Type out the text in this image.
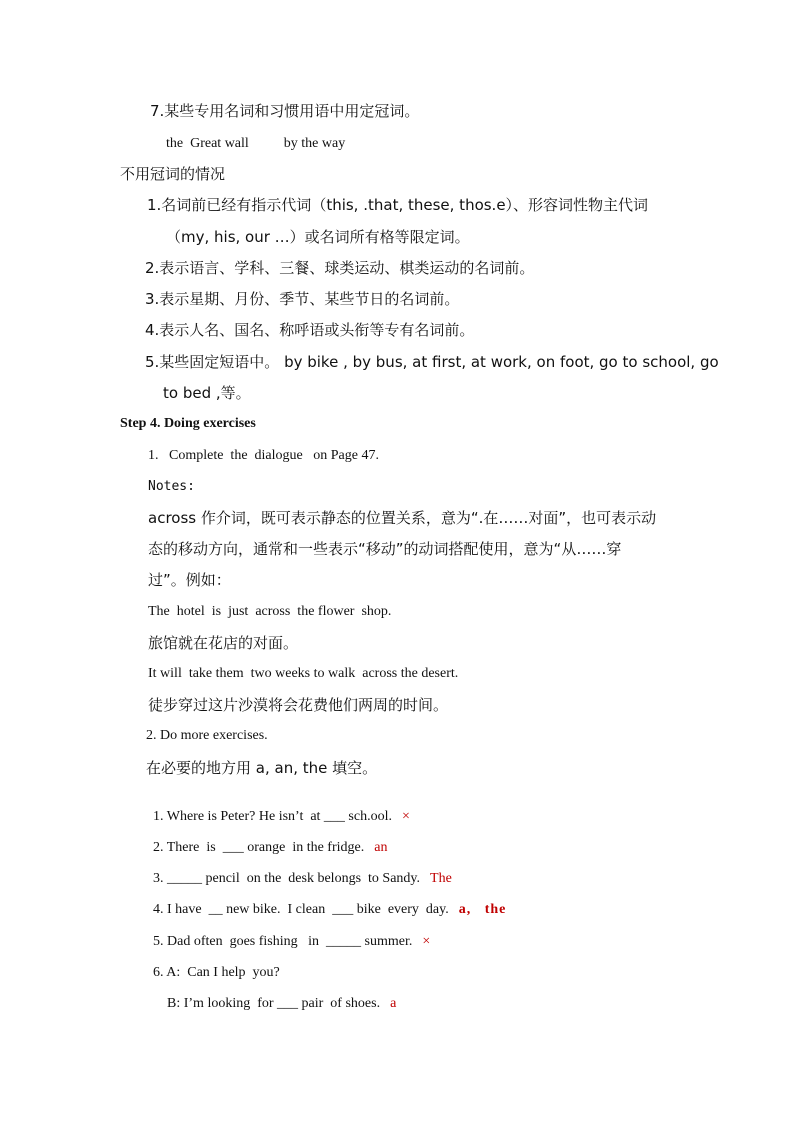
7.某些专用名词和习惯用语中用定冠词。
the  Great wall          by the way
不用冠词的情况
1.名词前已经有指示代词（this, .that, these, thos.e）、形容词性物主代词
（my, his, our …）或名词所有格等限定词。
2.表示语言、学科、三餐、球类运动、棋类运动的名词前。
3.表示星期、月份、季节、某些节日的名词前。
4.表示人名、国名、称呼语或头衔等专有名词前。
5.某些固定短语中。 by bike , by bus, at first, at work, on foot, go to school, go
to bed ,等。
Step 4. Doing exercises
1.   Complete  the  dialogue   on Page 47.
Notes:
across 作介词，既可表示静态的位置关系，意为“.在……对面”，也可表示动
态的移动方向，通常和一些表示“移动”的动词搭配使用，意为“从……穿
过”。例如：
The  hotel  is  just  across  the flower  shop.
旅馆就在花店的对面。
It will  take them  two weeks to walk  across the desert.
徒步穿过这片沙漠将会花费他们两周的时间。
2. Do more exercises.
在必要的地方用 a, an, the 填空。

1. Where is Peter? He isn’t  at ___ sch.ool. ×

2. There  is  ___ orange  in the fridge. an

3. _____ pencil  on the  desk belongs  to Sandy. The

4. I have  __ new bike.  I clean  ___ bike  every  day. a,   the

5. Dad often  goes fishing   in  _____ summer. ×

6. A:  Can I help  you?

B: I’m looking  for ___ pair  of shoes. a
